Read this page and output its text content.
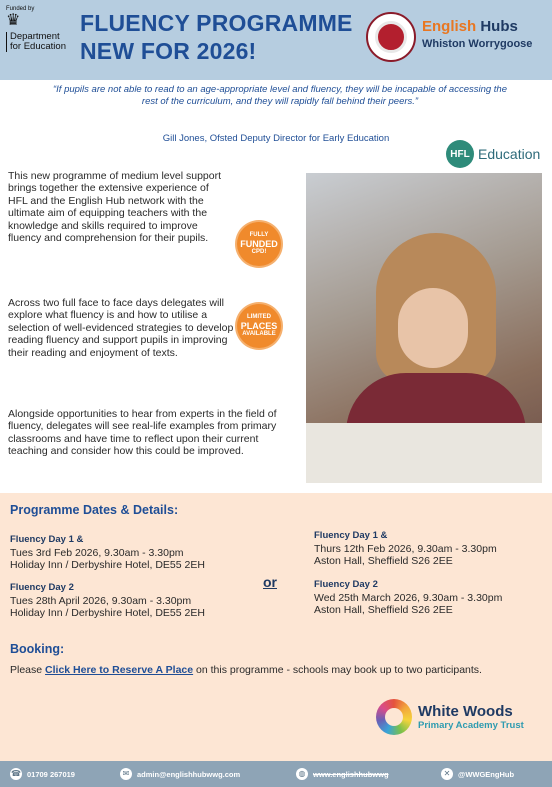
Funded by
♛
Department
for Education
FLUENCY PROGRAMME
NEW FOR 2026!
English Hubs
Whiston Worrygoose
“If pupils are not able to read to an age-appropriate level and fluency, they will be incapable of accessing the rest of the curriculum, and they will rapidly fall behind their peers.”
Gill Jones, Ofsted Deputy Director for Early Education
HFL Education
This new programme of medium level support brings together the extensive experience of HFL and the English Hub network with the ultimate aim of equipping teachers with the knowledge and skills required to improve fluency and comprehension for their pupils.
Across two full face to face days delegates will explore what fluency is and how to utilise a selection of well-evidenced strategies to develop reading fluency and support pupils in improving their reading and enjoyment of texts.
Alongside opportunities to hear from experts in the field of fluency, delegates will see real-life examples from primary classrooms and have time to reflect upon their current teaching and consider how this could be improved.
FULLY
FUNDED
CPD!
LIMITED
PLACES
AVAILABLE
Programme Dates & Details:
Fluency Day 1 &
Tues 3rd Feb 2026, 9.30am - 3.30pm
Holiday Inn / Derbyshire Hotel, DE55 2EH
Fluency Day 2
Tues 28th April 2026, 9.30am - 3.30pm
Holiday Inn / Derbyshire Hotel, DE55 2EH
or
Fluency Day 1 &
Thurs 12th Feb 2026, 9.30am - 3.30pm
Aston Hall, Sheffield S26 2EE
Fluency Day 2
Wed 25th March 2026, 9.30am - 3.30pm
Aston Hall, Sheffield S26 2EE
Booking:
Please Click Here to Reserve A Place on this programme - schools may book up to two participants.
White Woods
Primary Academy Trust
☎ 01709 267019	✉	admin@englishhubwwg.com	◍	www.englishhubwwg	✕	@WWGEngHub
